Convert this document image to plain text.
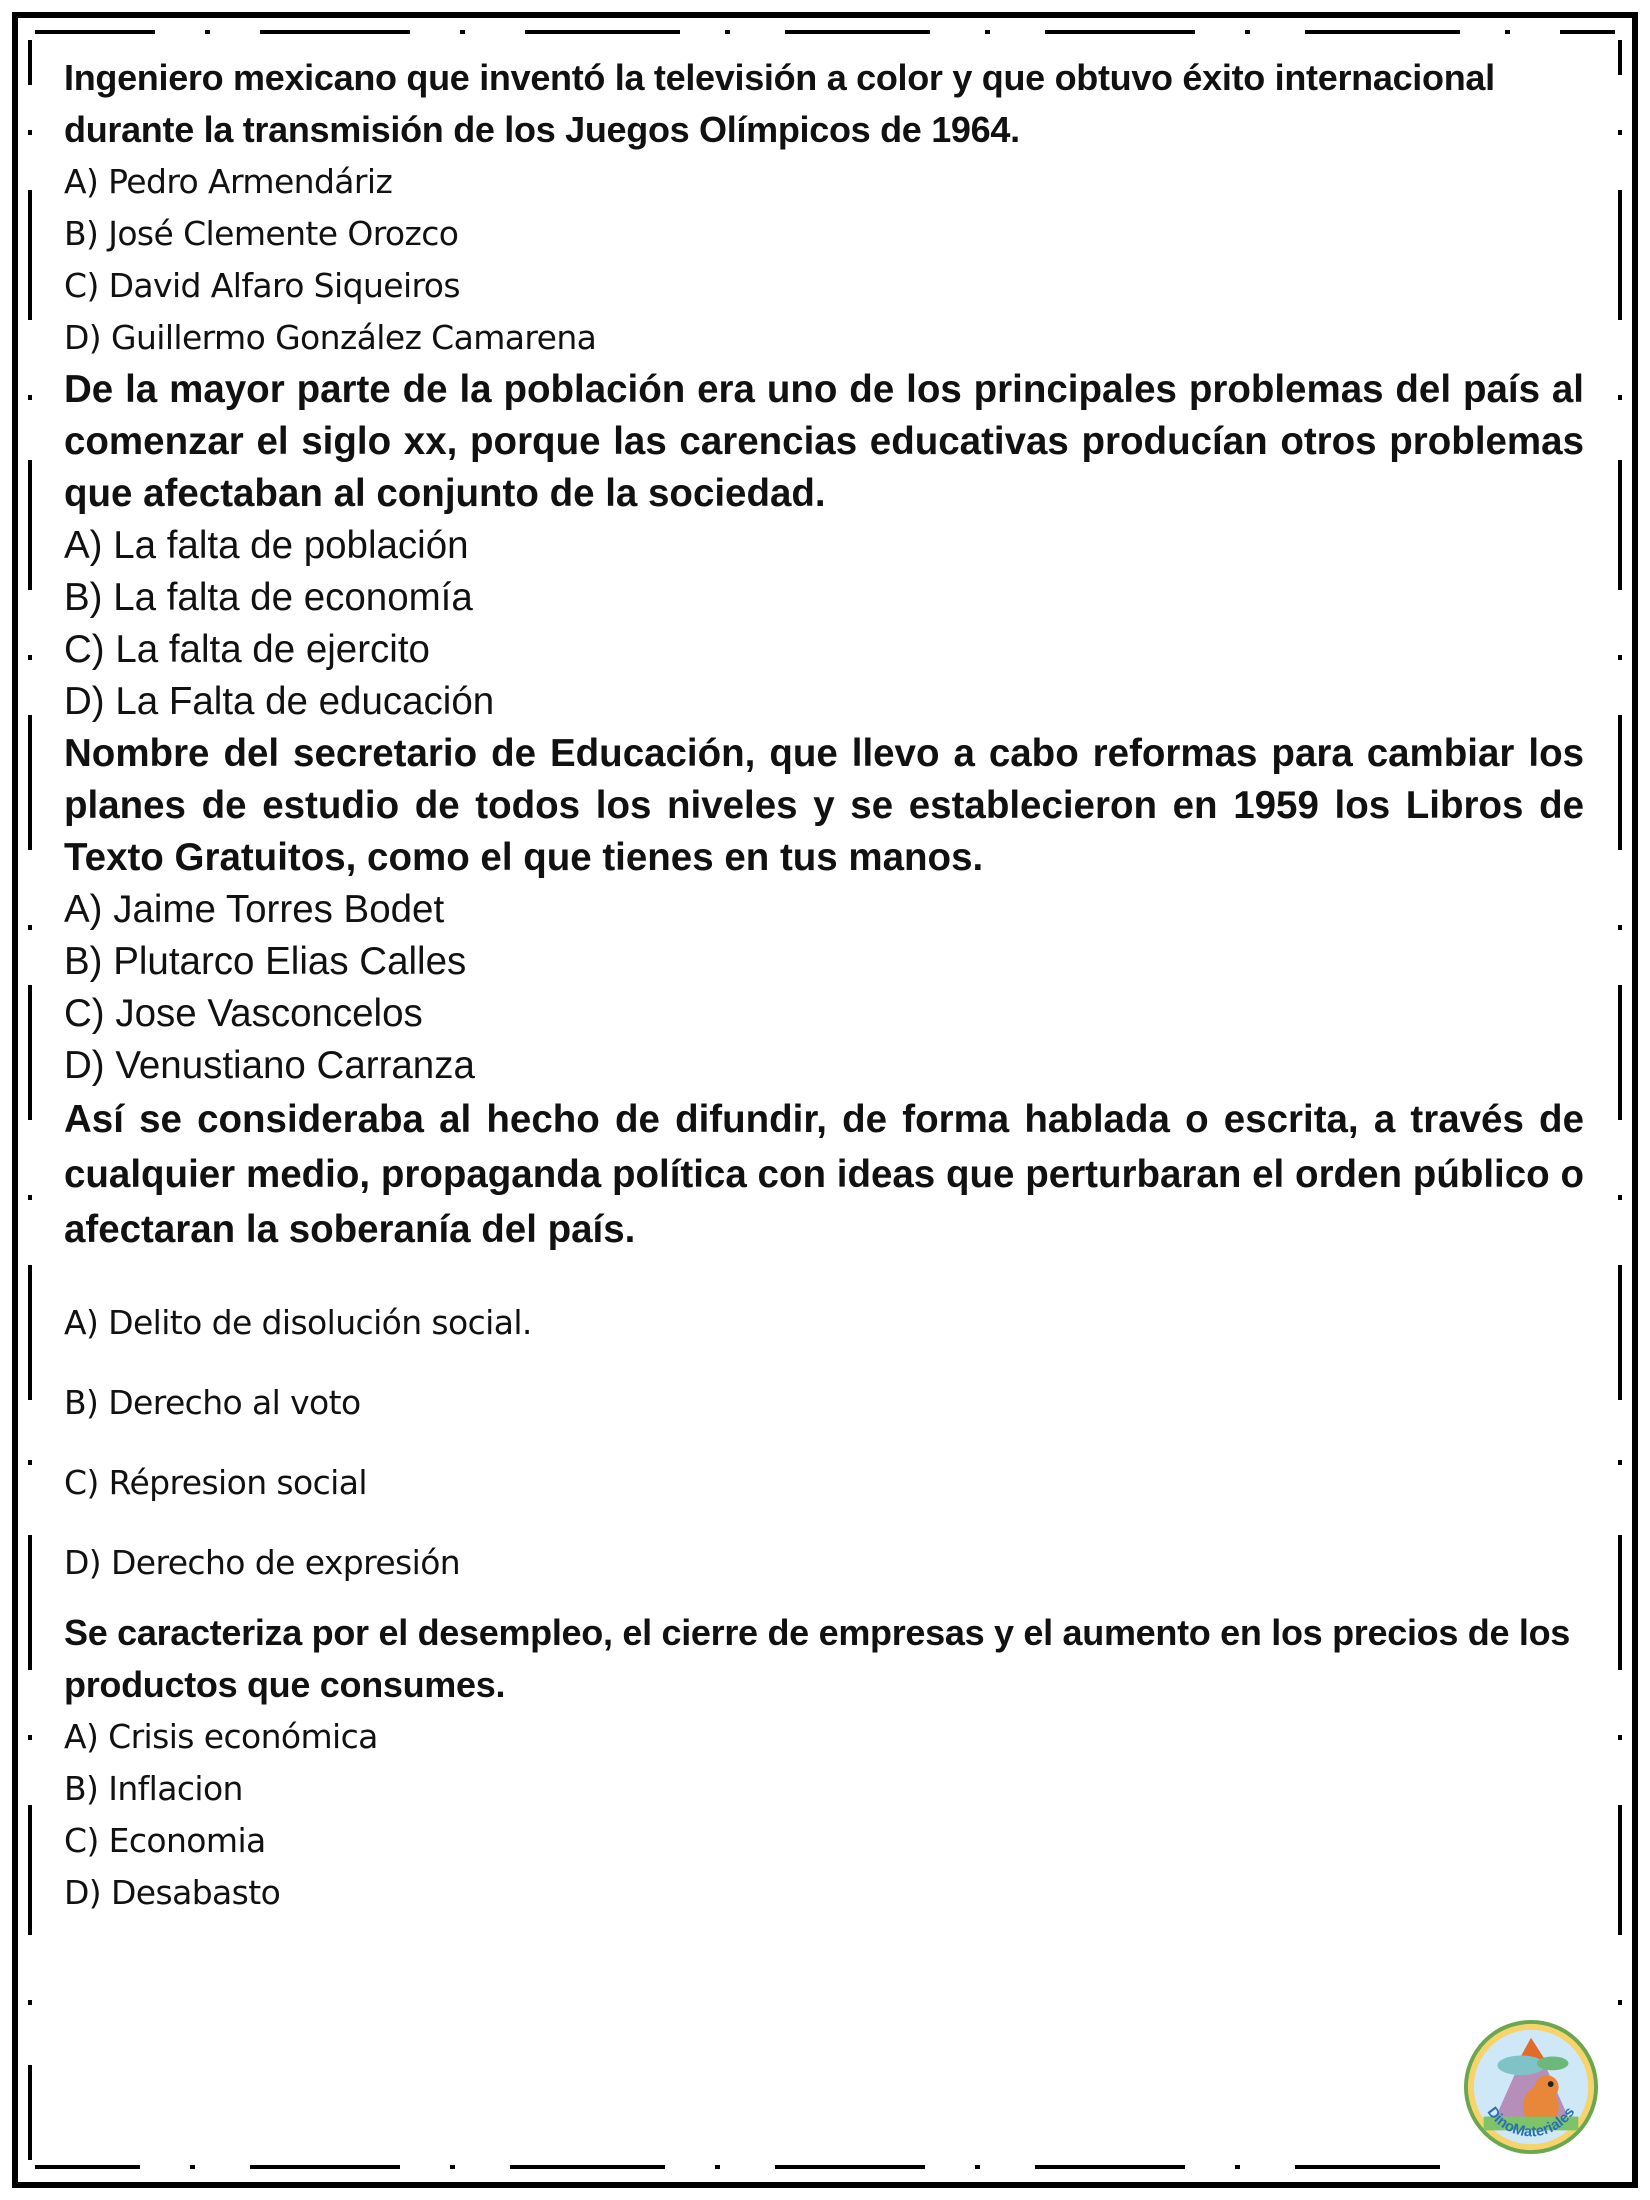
Ingeniero mexicano que inventó la televisión a color y que obtuvo éxito internacional durante la transmisión de los Juegos Olímpicos de 1964.

A) Pedro Armendáriz

B) José Clemente Orozco

C) David Alfaro Siqueiros

D) Guillermo González Camarena

De la mayor parte de la población era uno de los principales problemas del país al comenzar el siglo xx, porque las carencias educativas producían otros problemas que afectaban al conjunto de la sociedad.

A) La falta de población

B) La falta de economía

C) La falta de ejercito

D) La Falta de educación

Nombre del secretario de Educación, que llevo a cabo reformas para cambiar los planes de estudio de todos los niveles y se establecieron en 1959 los Libros de Texto Gratuitos, como el que tienes en tus manos.

A) Jaime Torres Bodet

B) Plutarco Elias Calles

C) Jose Vasconcelos

D) Venustiano Carranza

Así se consideraba al hecho de difundir, de forma hablada o escrita, a través de cualquier medio, propaganda política con ideas que perturbaran el orden público o afectaran la soberanía del país.

A) Delito de disolución social.

B) Derecho al voto

C) Répresion social

D) Derecho de expresión

Se caracteriza por el desempleo, el cierre de empresas y el aumento en los precios de los productos que consumes.

A) Crisis económica

B) Inflacion

C) Economia

D) Desabasto

DinoMateriales
